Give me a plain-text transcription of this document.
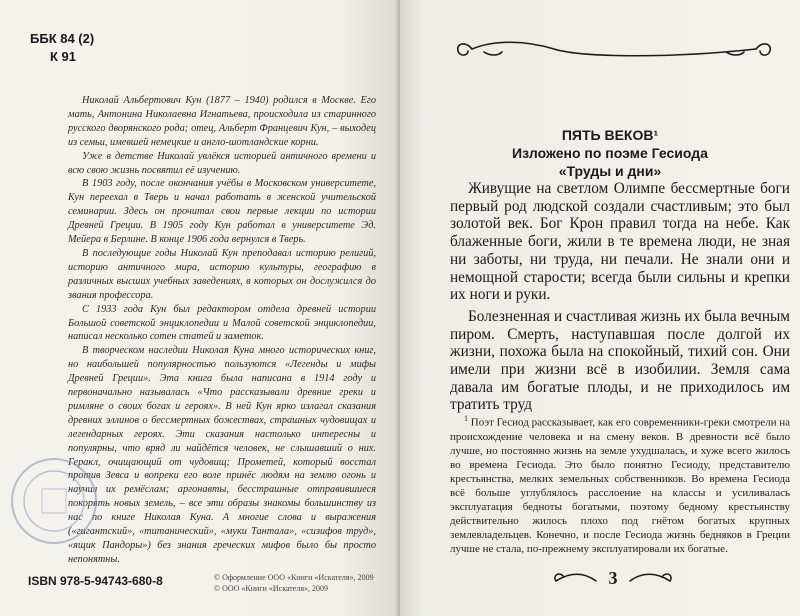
ББК 84 (2)
К 91

Николай Альбертович Кун (1877 – 1940) родился в Москве. Его мать, Антонина Николаевна Игнатьева, происходила из старинного русского дворянского рода; отец, Альберт Францевич Кун, – выходец из семьи, имевшей немецкие и англо-шотландские корни.

Уже в детстве Николай увлёкся историей античного времени и всю свою жизнь посвятил её изучению.

В 1903 году, после окончания учёбы в Московском университете, Кун переехал в Тверь и начал работать в женской учительской семинарии. Здесь он прочитал свои первые лекции по истории Древней Греции. В 1905 году Кун работал в университете Эд. Мейера в Берлине. В конце 1906 года вернулся в Тверь.

В последующие годы Николай Кун преподавал историю религий, историю античного мира, историю культуры, географию в различных высших учебных заведениях, в которых он дослужился до звания профессора.

С 1933 года Кун был редактором отдела древней истории Большой советской энциклопедии и Малой советской энциклопедии, написал несколько сотен статей и заметок.

В творческом наследии Николая Куна много исторических книг, но наибольшей популярностью пользуются «Легенды и мифы Древней Греции». Эта книга была написана в 1914 году и первоначально называлась «Что рассказывали древние греки и римляне о своих богах и героях». В ней Кун ярко излагал сказания древних эллинов о бессмертных божествах, страшных чудовищах и легендарных героях. Эти сказания настолько интересны и популярны, что вряд ли найдётся человек, не слышавший о них. Геракл, очищающий от чудовищ; Прометей, который восстал против Зевса и вопреки его воле принёс людям на землю огонь и научил их ремёслам; аргонавты, бесстрашные отправившиеся покорять новых земель, – все эти образы знакомы большинству из нас по книге Николая Куна. А многие слова и выражения («гигантский», «титанический», «муки Тантала», «сизифов труд», «ящик Пандоры») без знания греческих мифов было бы просто непонятны.

ISBN 978-5-94743-680-8	© Оформление ООО «Книги «Искателя», 2009
© ООО «Книги «Искателя», 2009
ПЯТЬ ВЕКОВ¹
Изложено по поэме Гесиода
«Труды и дни»

Живущие на светлом Олимпе бессмертные боги первый род людской создали счастливым; это был золотой век. Бог Крон правил тогда на небе. Как блаженные боги, жили в те времена люди, не зная ни заботы, ни труда, ни печали. Не знали они и немощной старости; всегда были сильны и крепки их ноги и руки.

Болезненная и счастливая жизнь их была вечным пиром. Смерть, наступавшая после долгой их жизни, похожа была на спокойный, тихий сон. Они имели при жизни всё в изобилии. Земля сама давала им богатые плоды, и не приходилось им тратить труд

$^1$ Поэт Гесиод рассказывает, как его современники-греки смотрели на происхождение человека и на смену веков. В древности всё было лучше, но постоянно жизнь на земле ухудшалась, и хуже всего жилось во времена Гесиода. Это было понятно Гесиоду, представителю крестьянства, мелких земельных собственников. Во времена Гесиода всё больше углублялось расслоение на классы и усиливалась эксплуатация бедноты богатыми, поэтому бедному крестьянству действительно жилось плохо под гнётом богатых крупных землевладельцев. Конечно, и после Гесиода жизнь бедняков в Греции лучше не стала, по-прежнему эксплуатировали их богатые.

3
